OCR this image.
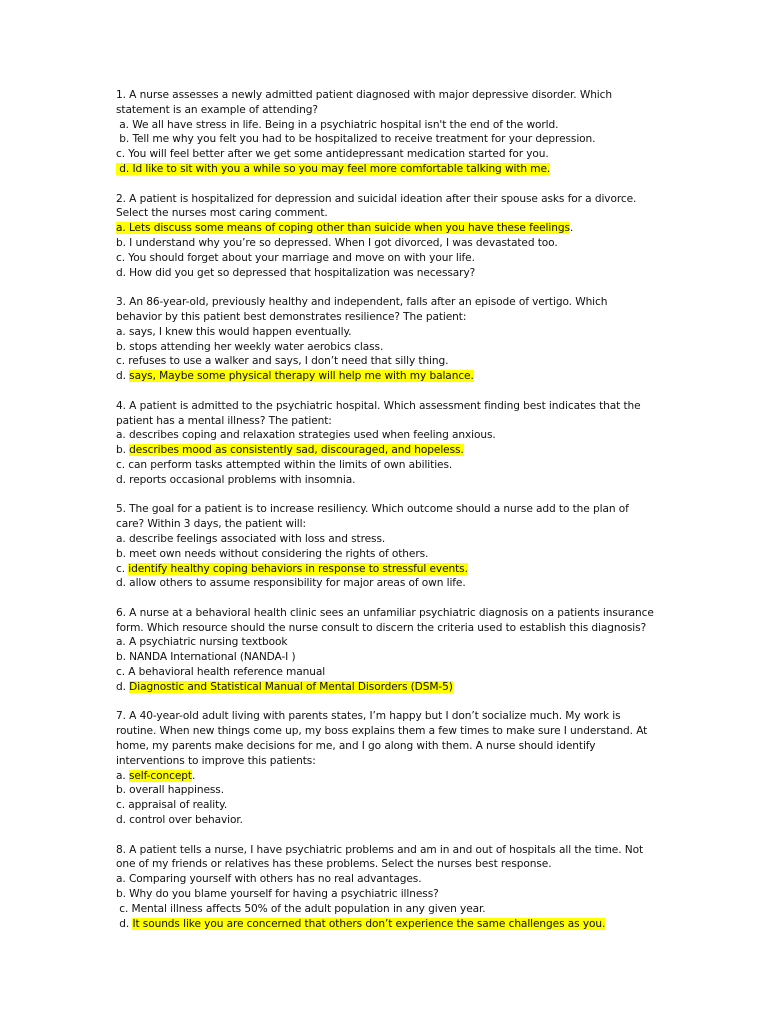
1. A nurse assesses a newly admitted patient diagnosed with major depressive disorder. Which
statement is an example of attending?
a. We all have stress in life. Being in a psychiatric hospital isn't the end of the world.
b. Tell me why you felt you had to be hospitalized to receive treatment for your depression.
c. You will feel better after we get some antidepressant medication started for you.
d. Id like to sit with you a while so you may feel more comfortable talking with me.
2. A patient is hospitalized for depression and suicidal ideation after their spouse asks for a divorce.
Select the nurses most caring comment.
a. Lets discuss some means of coping other than suicide when you have these feelings.
b. I understand why you’re so depressed. When I got divorced, I was devastated too.
c. You should forget about your marriage and move on with your life.
d. How did you get so depressed that hospitalization was necessary?
3. An 86-year-old, previously healthy and independent, falls after an episode of vertigo. Which
behavior by this patient best demonstrates resilience? The patient:
a. says, I knew this would happen eventually.
b. stops attending her weekly water aerobics class.
c. refuses to use a walker and says, I don’t need that silly thing.
d. says, Maybe some physical therapy will help me with my balance.
4. A patient is admitted to the psychiatric hospital. Which assessment finding best indicates that the
patient has a mental illness? The patient:
a. describes coping and relaxation strategies used when feeling anxious.
b. describes mood as consistently sad, discouraged, and hopeless.
c. can perform tasks attempted within the limits of own abilities.
d. reports occasional problems with insomnia.
5. The goal for a patient is to increase resiliency. Which outcome should a nurse add to the plan of
care? Within 3 days, the patient will:
a. describe feelings associated with loss and stress.
b. meet own needs without considering the rights of others.
c. identify healthy coping behaviors in response to stressful events.
d. allow others to assume responsibility for major areas of own life.
6. A nurse at a behavioral health clinic sees an unfamiliar psychiatric diagnosis on a patients insurance
form. Which resource should the nurse consult to discern the criteria used to establish this diagnosis?
a. A psychiatric nursing textbook
b. NANDA International (NANDA-I )
c. A behavioral health reference manual
d. Diagnostic and Statistical Manual of Mental Disorders (DSM-5)
7. A 40-year-old adult living with parents states, I’m happy but I don’t socialize much. My work is
routine. When new things come up, my boss explains them a few times to make sure I understand. At
home, my parents make decisions for me, and I go along with them. A nurse should identify
interventions to improve this patients:
a. self-concept.
b. overall happiness.
c. appraisal of reality.
d. control over behavior.
8. A patient tells a nurse, I have psychiatric problems and am in and out of hospitals all the time. Not
one of my friends or relatives has these problems. Select the nurses best response.
a. Comparing yourself with others has no real advantages.
b. Why do you blame yourself for having a psychiatric illness?
c. Mental illness affects 50% of the adult population in any given year.
d. It sounds like you are concerned that others don’t experience the same challenges as you.
